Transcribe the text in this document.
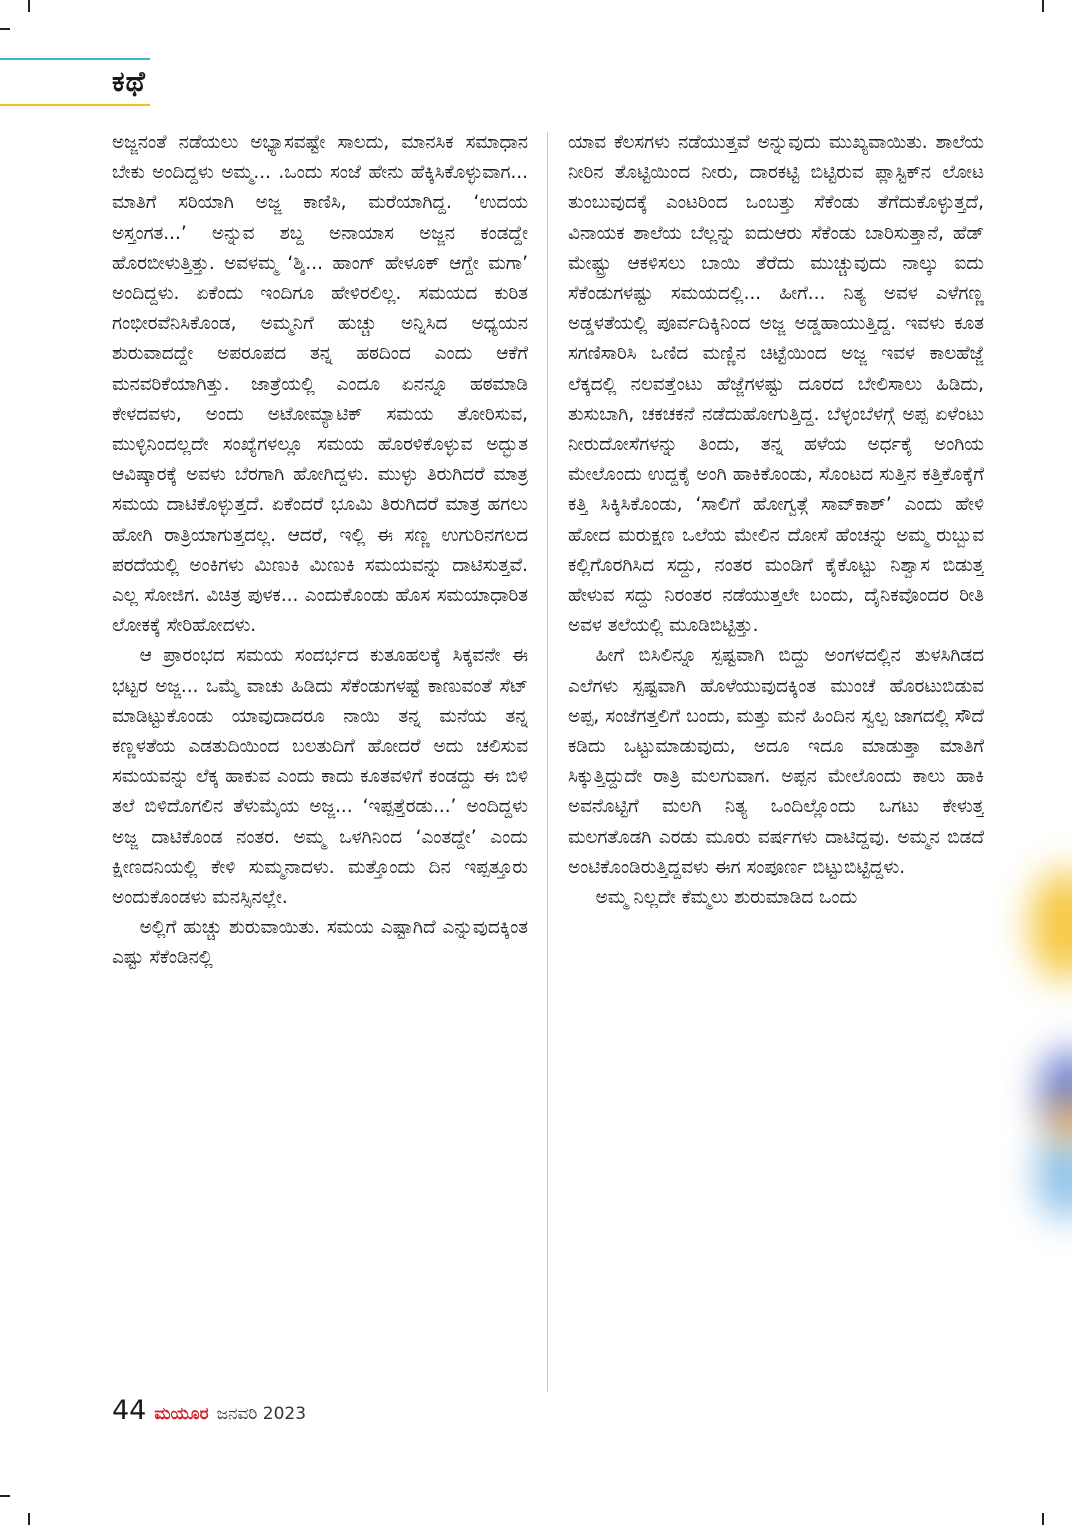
ಕಥೆ

ಅಜ್ಜನಂತೆ ನಡೆಯಲು ಅಭ್ಯಾಸವಷ್ಟೇ ಸಾಲದು, ಮಾನಸಿಕ ಸಮಾಧಾನ ಬೇಕು ಅಂದಿದ್ದಳು ಅಮ್ಮ... .ಒಂದು ಸಂಜೆ ಹೇನು ಹೆಕ್ಕಿಸಿಕೊಳ್ಳುವಾಗ... ಮಾತಿಗೆ ಸರಿಯಾಗಿ ಅಜ್ಜ ಕಾಣಿಸಿ, ಮರೆಯಾಗಿದ್ದ. ‘ಉದಯ ಅಸ್ತಂಗತ...’ ಅನ್ನುವ ಶಬ್ದ ಅನಾಯಾಸ ಅಜ್ಜನ ಕಂಡದ್ದೇ ಹೊರಬೀಳುತ್ತಿತ್ತು. ಅವಳಮ್ಮ ‘ಶ್ಶಿ... ಹಾಂಗ್ ಹೇಳೂಕ್ ಆಗ್ದೇ ಮಗಾ’ ಅಂದಿದ್ದಳು. ಏಕೆಂದು ಇಂದಿಗೂ ಹೇಳಿರಲಿಲ್ಲ. ಸಮಯದ ಕುರಿತ ಗಂಭೀರವೆನಿಸಿಕೊಂಡ, ಅಮ್ಮನಿಗೆ ಹುಚ್ಚು ಅನ್ನಿಸಿದ ಅಧ್ಯಯನ ಶುರುವಾದದ್ದೇ ಅಪರೂಪದ ತನ್ನ ಹಠದಿಂದ ಎಂದು ಆಕೆಗೆ ಮನವರಿಕೆಯಾಗಿತ್ತು. ಜಾತ್ರೆಯಲ್ಲಿ ಎಂದೂ ಏನನ್ನೂ ಹಠಮಾಡಿ ಕೇಳದವಳು, ಅಂದು ಅಟೋಮ್ಯಾಟಿಕ್ ಸಮಯ ತೋರಿಸುವ, ಮುಳ್ಳಿನಿಂದಲ್ಲದೇ ಸಂಖ್ಯೆಗಳಲ್ಲೂ ಸಮಯ ಹೊರಳಿಕೊಳ್ಳುವ ಅದ್ಭುತ ಆವಿಷ್ಕಾರಕ್ಕೆ ಅವಳು ಬೆರಗಾಗಿ ಹೋಗಿದ್ದಳು. ಮುಳ್ಳು ತಿರುಗಿದರೆ ಮಾತ್ರ ಸಮಯ ದಾಟಿಕೊಳ್ಳುತ್ತದೆ. ಏಕೆಂದರೆ ಭೂಮಿ ತಿರುಗಿದರೆ ಮಾತ್ರ ಹಗಲು ಹೋಗಿ ರಾತ್ರಿಯಾಗುತ್ತದಲ್ಲ. ಆದರೆ, ಇಲ್ಲಿ ಈ ಸಣ್ಣ ಉಗುರಿನಗಲದ ಪರದೆಯಲ್ಲಿ ಅಂಕಿಗಳು ಮಿಣುಕಿ ಮಿಣುಕಿ ಸಮಯವನ್ನು ದಾಟಿಸುತ್ತವೆ. ಎಲ್ಲ ಸೋಜಿಗ. ವಿಚಿತ್ರ ಪುಳಕ... ಎಂದುಕೊಂಡು ಹೊಸ ಸಮಯಾಧಾರಿತ ಲೋಕಕ್ಕೆ ಸೇರಿಹೋದಳು.

ಆ ಪ್ರಾರಂಭದ ಸಮಯ ಸಂದರ್ಭದ ಕುತೂಹಲಕ್ಕೆ ಸಿಕ್ಕವನೇ ಈ ಭಟ್ಟರ ಅಜ್ಜ... ಒಮ್ಮೆ ವಾಚು ಹಿಡಿದು ಸೆಕೆಂಡುಗಳಷ್ಟೆ ಕಾಣುವಂತೆ ಸೆಟ್ ಮಾಡಿಟ್ಟುಕೊಂಡು ಯಾವುದಾದರೂ ನಾಯಿ ತನ್ನ ಮನೆಯ ತನ್ನ ಕಣ್ಣಳತೆಯ ಎಡತುದಿಯಿಂದ ಬಲತುದಿಗೆ ಹೋದರೆ ಅದು ಚಲಿಸುವ ಸಮಯವನ್ನು ಲೆಕ್ಕ ಹಾಕುವ ಎಂದು ಕಾದು ಕೂತವಳಿಗೆ ಕಂಡದ್ದು ಈ ಬಿಳಿ ತಲೆ ಬಿಳಿದೊಗಲಿನ ತೆಳುಮೈಯ ಅಜ್ಜ... ‘ಇಪ್ಪತ್ತೆರಡು...’ ಅಂದಿದ್ದಳು ಅಜ್ಜ ದಾಟಿಕೊಂಡ ನಂತರ. ಅಮ್ಮ ಒಳಗಿನಿಂದ ‘ಎಂತದ್ದೇ’ ಎಂದು ಕ್ಷೀಣದನಿಯಲ್ಲಿ ಕೇಳಿ ಸುಮ್ಮನಾದಳು. ಮತ್ತೊಂದು ದಿನ ಇಪ್ಪತ್ತೂರು ಅಂದುಕೊಂಡಳು ಮನಸ್ಸಿನಲ್ಲೇ.

ಅಲ್ಲಿಗೆ ಹುಚ್ಚು ಶುರುವಾಯಿತು. ಸಮಯ ಎಷ್ಟಾಗಿದೆ ಎನ್ನುವುದಕ್ಕಿಂತ ಎಷ್ಟು ಸೆಕೆಂಡಿನಲ್ಲಿ

ಯಾವ ಕೆಲಸಗಳು ನಡೆಯುತ್ತವೆ ಅನ್ನುವುದು ಮುಖ್ಯವಾಯಿತು. ಶಾಲೆಯ ನೀರಿನ ತೊಟ್ಟಿಯಿಂದ ನೀರು, ದಾರಕಟ್ಟಿ ಬಿಟ್ಟಿರುವ ಪ್ಲಾಸ್ಟಿಕ್‌ನ ಲೋಟ ತುಂಬುವುದಕ್ಕೆ ಎಂಟರಿಂದ ಒಂಬತ್ತು ಸೆಕೆಂಡು ತೆಗೆದುಕೊಳ್ಳುತ್ತದೆ, ವಿನಾಯಕ ಶಾಲೆಯ ಬೆಲ್ಲನ್ನು ಐದುಆರು ಸೆಕೆಂಡು ಬಾರಿಸುತ್ತಾನೆ, ಹೆಡ್ ಮೇಷ್ಟ್ರು ಆಕಳಿಸಲು ಬಾಯಿ ತೆರೆದು ಮುಚ್ಚುವುದು ನಾಲ್ಕು ಐದು ಸೆಕೆಂಡುಗಳಷ್ಟು ಸಮಯದಲ್ಲಿ... ಹೀಗೆ... ನಿತ್ಯ ಅವಳ ಎಳೆಗಣ್ಣ ಅಡ್ಡಳತೆಯಲ್ಲಿ ಪೂರ್ವದಿಕ್ಕಿನಿಂದ ಅಜ್ಜ ಅಡ್ಡಹಾಯುತ್ತಿದ್ದ. ಇವಳು ಕೂತ ಸಗಣಿಸಾರಿಸಿ ಒಣಿದ ಮಣ್ಣಿನ ಚಿಟ್ಟೆಯಿಂದ ಅಜ್ಜ ಇವಳ ಕಾಲಹೆಜ್ಜೆ ಲೆಕ್ಕದಲ್ಲಿ ನಲವತ್ತೆಂಟು ಹೆಜ್ಜೆಗಳಷ್ಟು ದೂರದ ಬೇಲಿಸಾಲು ಹಿಡಿದು, ತುಸುಬಾಗಿ, ಚಕಚಕನೆ ನಡೆದುಹೋಗುತ್ತಿದ್ದ. ಬೆಳ್ಳಂಬೆಳಗ್ಗೆ ಅಪ್ಪ ಏಳೆಂಟು ನೀರುದೋಸೆಗಳನ್ನು ತಿಂದು, ತನ್ನ ಹಳೆಯ ಅರ್ಧಕೈ ಅಂಗಿಯ ಮೇಲೊಂದು ಉದ್ದಕೈ ಅಂಗಿ ಹಾಕಿಕೊಂಡು, ಸೊಂಟದ ಸುತ್ತಿನ ಕತ್ತಿಕೊಕ್ಕೆಗೆ ಕತ್ತಿ ಸಿಕ್ಕಿಸಿಕೊಂಡು, ‘ಸಾಲಿಗೆ ಹೋಗ್ವತ್ಗೆ ಸಾವ್‌ಕಾಶ್’ ಎಂದು ಹೇಳಿ ಹೋದ ಮರುಕ್ಷಣ ಒಲೆಯ ಮೇಲಿನ ದೋಸೆ ಹೆಂಚನ್ನು ಅಮ್ಮ ರುಬ್ಬುವ ಕಲ್ಲಿಗೊರಗಿಸಿದ ಸದ್ದು, ನಂತರ ಮಂಡಿಗೆ ಕೈಕೊಟ್ಟು ನಿಶ್ವಾಸ ಬಿಡುತ್ತ ಹೇಳುವ ಸದ್ದು ನಿರಂತರ ನಡೆಯುತ್ತಲೇ ಬಂದು, ದೈನಿಕವೊಂದರ ರೀತಿ ಅವಳ ತಲೆಯಲ್ಲಿ ಮೂಡಿಬಿಟ್ಟಿತ್ತು.

ಹೀಗೆ ಬಿಸಿಲಿನ್ನೂ ಸ್ಪಷ್ಟವಾಗಿ ಬಿದ್ದು ಅಂಗಳದಲ್ಲಿನ ತುಳಸಿಗಿಡದ ಎಲೆಗಳು ಸ್ಪಷ್ಟವಾಗಿ ಹೊಳೆಯುವುದಕ್ಕಿಂತ ಮುಂಚೆ ಹೊರಟುಬಿಡುವ ಅಪ್ಪ, ಸಂಜೆಗತ್ತಲಿಗೆ ಬಂದು, ಮತ್ತು ಮನೆ ಹಿಂದಿನ ಸ್ವಲ್ಪ ಜಾಗದಲ್ಲಿ ಸೌದೆ ಕಡಿದು ಒಟ್ಟುಮಾಡುವುದು, ಅದೂ ಇದೂ ಮಾಡುತ್ತಾ ಮಾತಿಗೆ ಸಿಕ್ಕುತ್ತಿದ್ದುದೇ ರಾತ್ರಿ ಮಲಗುವಾಗ. ಅಪ್ಪನ ಮೇಲೊಂದು ಕಾಲು ಹಾಕಿ ಅವನೊಟ್ಟಿಗೆ ಮಲಗಿ ನಿತ್ಯ ಒಂದಿಲ್ಲೊಂದು ಒಗಟು ಕೇಳುತ್ತ ಮಲಗತೊಡಗಿ ಎರಡು ಮೂರು ವರ್ಷಗಳು ದಾಟಿದ್ದವು. ಅಮ್ಮನ ಬಿಡದೆ ಅಂಟಿಕೊಂಡಿರುತ್ತಿದ್ದವಳು ಈಗ ಸಂಪೂರ್ಣ ಬಿಟ್ಟುಬಿಟ್ಟಿದ್ದಳು.

ಅಮ್ಮ ನಿಲ್ಲದೇ ಕೆಮ್ಮಲು ಶುರುಮಾಡಿದ ಒಂದು

44 ಮಯೂರ ಜನವರಿ 2023
